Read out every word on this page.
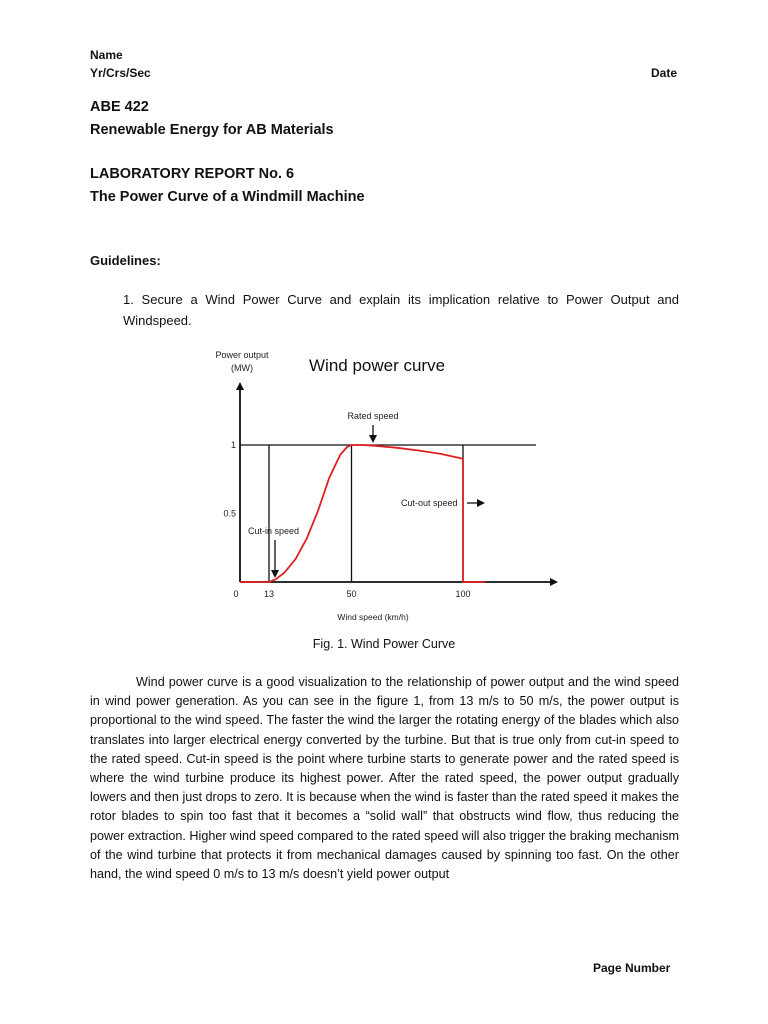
Name
Yr/Crs/Sec	Date
ABE 422
Renewable Energy for AB Materials
LABORATORY REPORT No. 6
The Power Curve of a Windmill Machine
Guidelines:
1. Secure a Wind Power Curve and explain its implication relative to Power Output and Windspeed.
Power output
(MW)	Wind power curve
0	13	50	100
0.5
1
Rated speed
Cut-out speed
Cut-in speed
Wind speed (km/h)
Fig. 1. Wind Power Curve
Wind power curve is a good visualization to the relationship of power output and the wind speed in wind power generation. As you can see in the figure 1, from 13 m/s to 50 m/s, the power output is proportional to the wind speed. The faster the wind the larger the rotating energy of the blades which also translates into larger electrical energy converted by the turbine. But that is true only from cut-in speed to the rated speed. Cut-in speed is the point where turbine starts to generate power and the rated speed is where the wind turbine produce its highest power. After the rated speed, the power output gradually lowers and then just drops to zero. It is because when the wind is faster than the rated speed it makes the rotor blades to spin too fast that it becomes a “solid wall” that obstructs wind flow, thus reducing the power extraction. Higher wind speed compared to the rated speed will also trigger the braking mechanism of the wind turbine that protects it from mechanical damages caused by spinning too fast. On the other hand, the wind speed 0 m/s to 13 m/s doesn’t yield power output
Page Number
